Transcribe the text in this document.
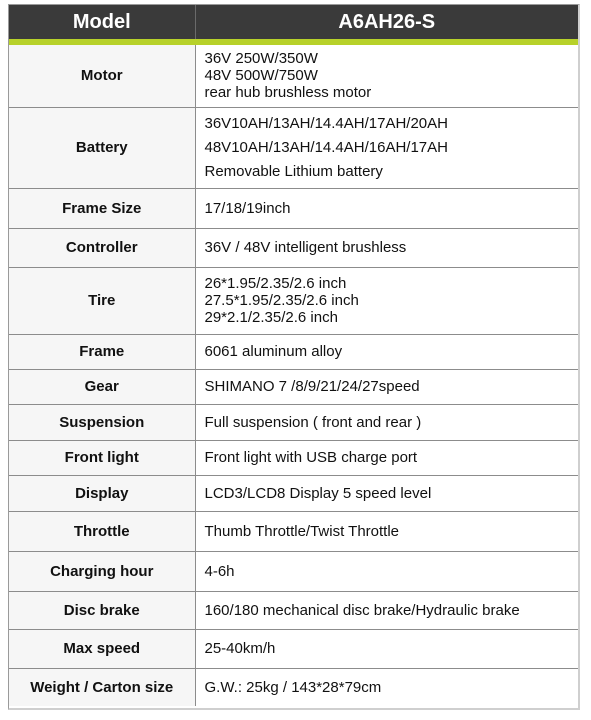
Model	A6AH26-S
Motor	36V 250W/350W
48V 500W/750W
rear hub brushless motor

Battery	36V10AH/13AH/14.4AH/17AH/20AH
48V10AH/13AH/14.4AH/16AH/17AH
Removable Lithium battery

Frame Size	17/18/19inch

Controller	36V / 48V intelligent brushless

Tire	26*1.95/2.35/2.6 inch
27.5*1.95/2.35/2.6 inch
29*2.1/2.35/2.6 inch

Frame	6061 aluminum alloy

Gear	SHIMANO 7 /8/9/21/24/27speed

Suspension	Full suspension ( front and rear )

Front light	Front light with USB charge port

Display	LCD3/LCD8 Display 5 speed level

Throttle	Thumb Throttle/Twist Throttle

Charging hour	4-6h

Disc brake	160/180 mechanical disc brake/Hydraulic brake

Max speed	25-40km/h

Weight / Carton size	G.W.: 25kg / 143*28*79cm
